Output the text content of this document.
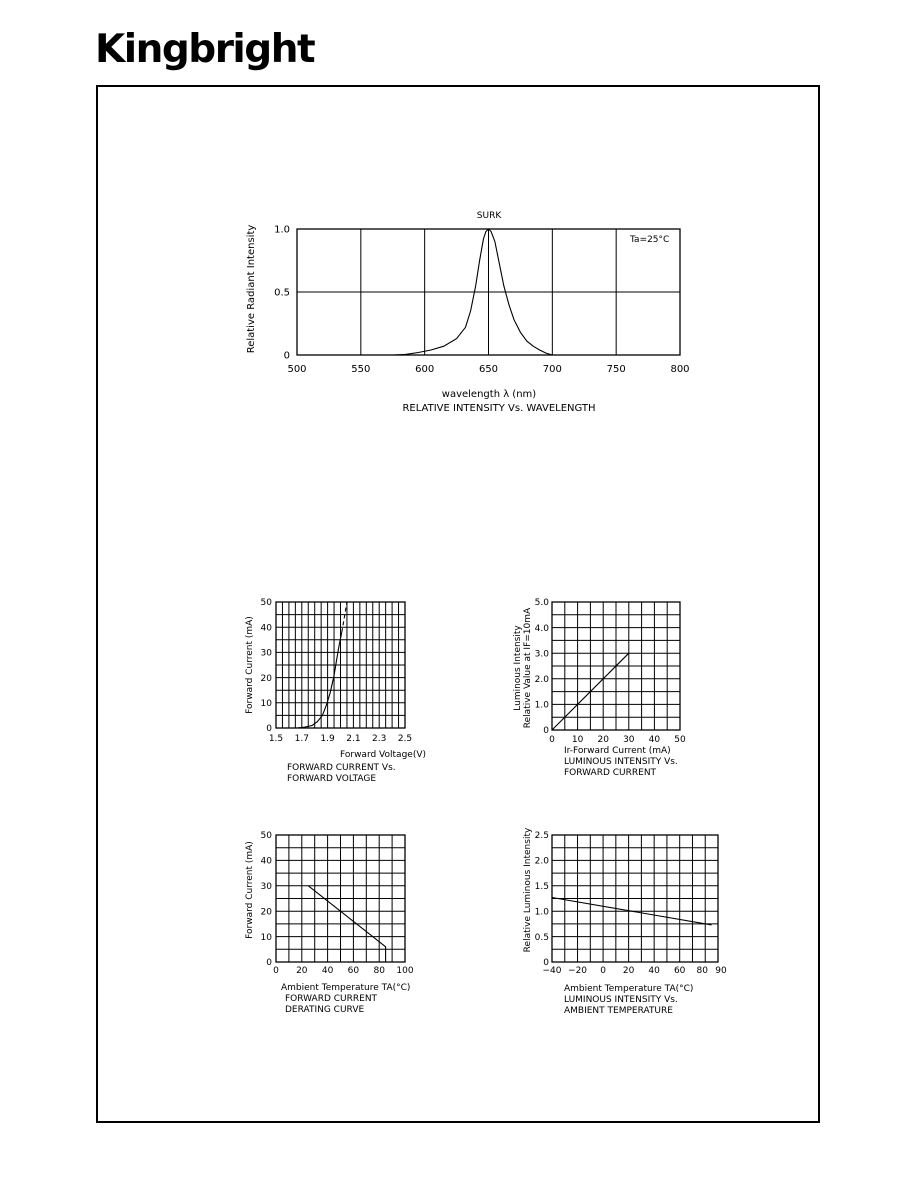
Kingbright
500	550	600	650	700	750	800
0
0.5
1.0
SURK
Ta=25°C
wavelength λ (nm)
Relative Radiant Intensity
RELATIVE INTENSITY Vs. WAVELENGTH
1.5 1.7 1.9 2.1 2.3 2.5
0
10
20
30
40
50
Forward Voltage(V)
Forward Current (mA)
FORWARD CURRENT Vs.
FORWARD VOLTAGE
0 10 20 30 40 50
0
1.0
2.0
3.0
4.0
5.0
Ir-Forward Current (mA)
Luminous Intensity Relative Value at IF=10mA
LUMINOUS INTENSITY Vs.
FORWARD CURRENT
0 20 40 60 80 100
0
10
20
30
40
50
Ambient Temperature TA(°C)
Forward Current (mA)
FORWARD CURRENT
DERATING CURVE
−40 −20 0 20 40 60 80 90
0
0.5
1.0
1.5
2.0
2.5
Ambient Temperature TA(°C)
Relative Luminous Intensity
LUMINOUS INTENSITY Vs.
AMBIENT TEMPERATURE
